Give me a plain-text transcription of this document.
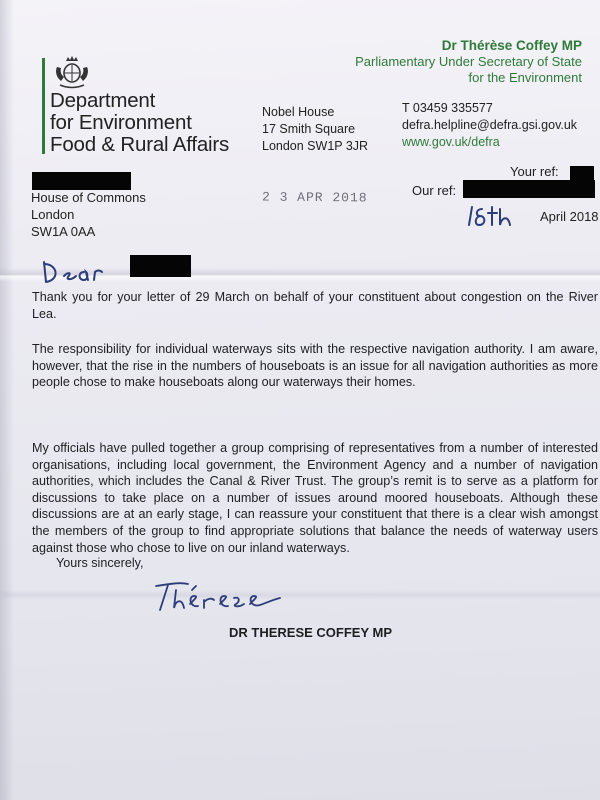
Department
for Environment
Food & Rural Affairs
Dr Thérèse Coffey MP
Parliamentary Under Secretary of State
for the Environment
Nobel House
17 Smith Square
London SW1P 3JR
T 03459 335577
defra.helpline@defra.gsi.gov.uk
www.gov.uk/defra
House of Commons
London
SW1A 0AA
2 3 APR 2018
Your ref:
Our ref:
April 2018
Thank you for your letter of 29 March on behalf of your constituent about congestion on the River Lea.
The responsibility for individual waterways sits with the respective navigation authority. I am aware, however, that the rise in the numbers of houseboats is an issue for all navigation authorities as more people chose to make houseboats along our waterways their homes.
My officials have pulled together a group comprising of representatives from a number of interested organisations, including local government, the Environment Agency and a number of navigation authorities, which includes the Canal & River Trust. The group’s remit is to serve as a platform for discussions to take place on a number of issues around moored houseboats. Although these discussions are at an early stage, I can reassure your constituent that there is a clear wish amongst the members of the group to find appropriate solutions that balance the needs of waterway users against those who chose to live on our inland waterways.
Yours sincerely,
DR THERESE COFFEY MP
